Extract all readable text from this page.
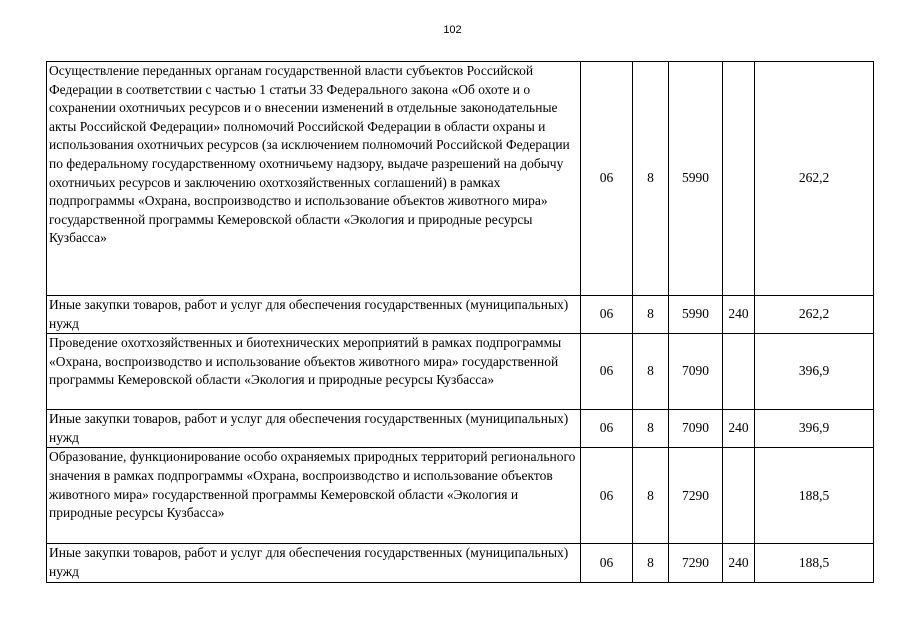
102
Осуществление переданных органам государственной власти субъектов Российской Федерации в соответствии с частью 1 статьи 33 Федерального закона «Об охоте и о сохранении охотничьих ресурсов и о внесении изменений в отдельные законодательные акты Российской Федерации» полномочий Российской Федерации в области охраны и использования охотничьих ресурсов (за исключением полномочий Российской Федерации по федеральному государственному охотничьему надзору, выдаче разрешений на добычу охотничьих ресурсов и заключению охотхозяйственных соглашений) в рамках подпрограммы «Охрана, воспроизводство и использование объектов животного мира» государственной программы Кемеровской области «Экология и природные ресурсы Кузбасса»	06	8	5990		262,2
Иные закупки товаров, работ и услуг для обеспечения государственных (муниципальных) нужд	06	8	5990	240	262,2
Проведение охотхозяйственных и биотехнических мероприятий в рамках подпрограммы «Охрана, воспроизводство и использование объектов животного мира» государственной программы Кемеровской области «Экология и природные ресурсы Кузбасса»	06	8	7090		396,9
Иные закупки товаров, работ и услуг для обеспечения государственных (муниципальных) нужд	06	8	7090	240	396,9
Образование, функционирование особо охраняемых природных территорий регионального значения в рамках подпрограммы «Охрана, воспроизводство и использование объектов животного мира» государственной программы Кемеровской области «Экология и природные ресурсы Кузбасса»	06	8	7290		188,5
Иные закупки товаров, работ и услуг для обеспечения государственных (муниципальных) нужд	06	8	7290	240	188,5
